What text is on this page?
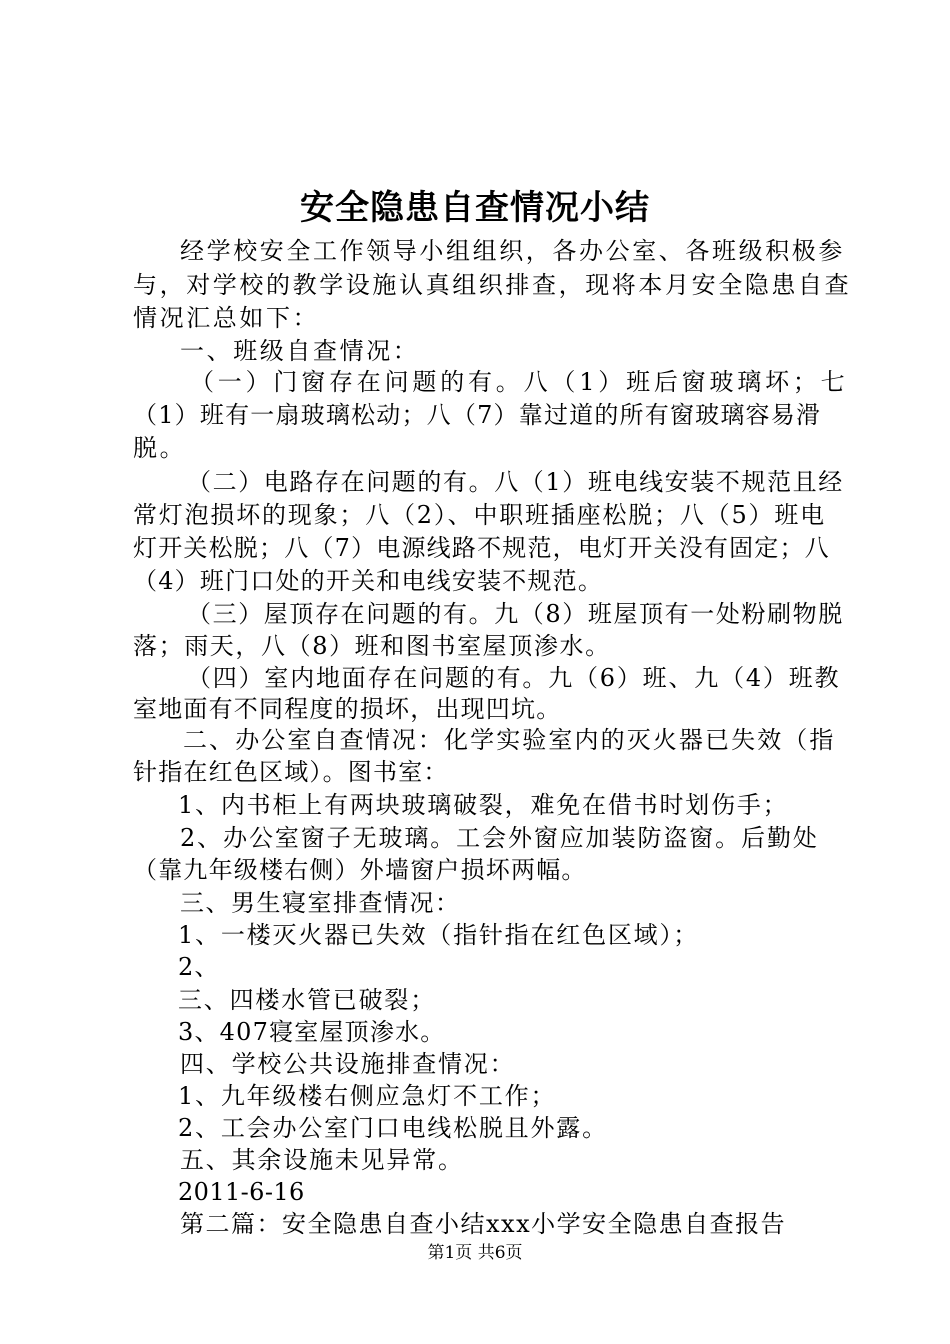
安全隐患自查情况小结
经学校安全工作领导小组组织，各办公室、各班级积极参
与，对学校的教学设施认真组织排查，现将本月安全隐患自查
情况汇总如下：
一、班级自查情况：
（一）门窗存在问题的有。八（1）班后窗玻璃坏；七
（1）班有一扇玻璃松动；八（7）靠过道的所有窗玻璃容易滑
脱。
（二）电路存在问题的有。八（1）班电线安装不规范且经
常灯泡损坏的现象；八（2）、中职班插座松脱；八（5）班电
灯开关松脱；八（7）电源线路不规范，电灯开关没有固定；八
（4）班门口处的开关和电线安装不规范。
（三）屋顶存在问题的有。九（8）班屋顶有一处粉刷物脱
落；雨天，八（8）班和图书室屋顶渗水。
（四）室内地面存在问题的有。九（6）班、九（4）班教
室地面有不同程度的损坏，出现凹坑。
二、办公室自查情况：化学实验室内的灭火器已失效（指
针指在红色区域）。图书室：
1、内书柜上有两块玻璃破裂，难免在借书时划伤手；
2、办公室窗子无玻璃。工会外窗应加装防盗窗。后勤处
（靠九年级楼右侧）外墙窗户损坏两幅。
三、男生寝室排查情况：
1、一楼灭火器已失效（指针指在红色区域）；
2、
三、四楼水管已破裂；
3、407寝室屋顶渗水。
四、学校公共设施排查情况：
1、九年级楼右侧应急灯不工作；
2、工会办公室门口电线松脱且外露。
五、其余设施未见异常。
2011-6-16
第二篇：安全隐患自查小结xxx小学安全隐患自查报告
第1页 共6页
